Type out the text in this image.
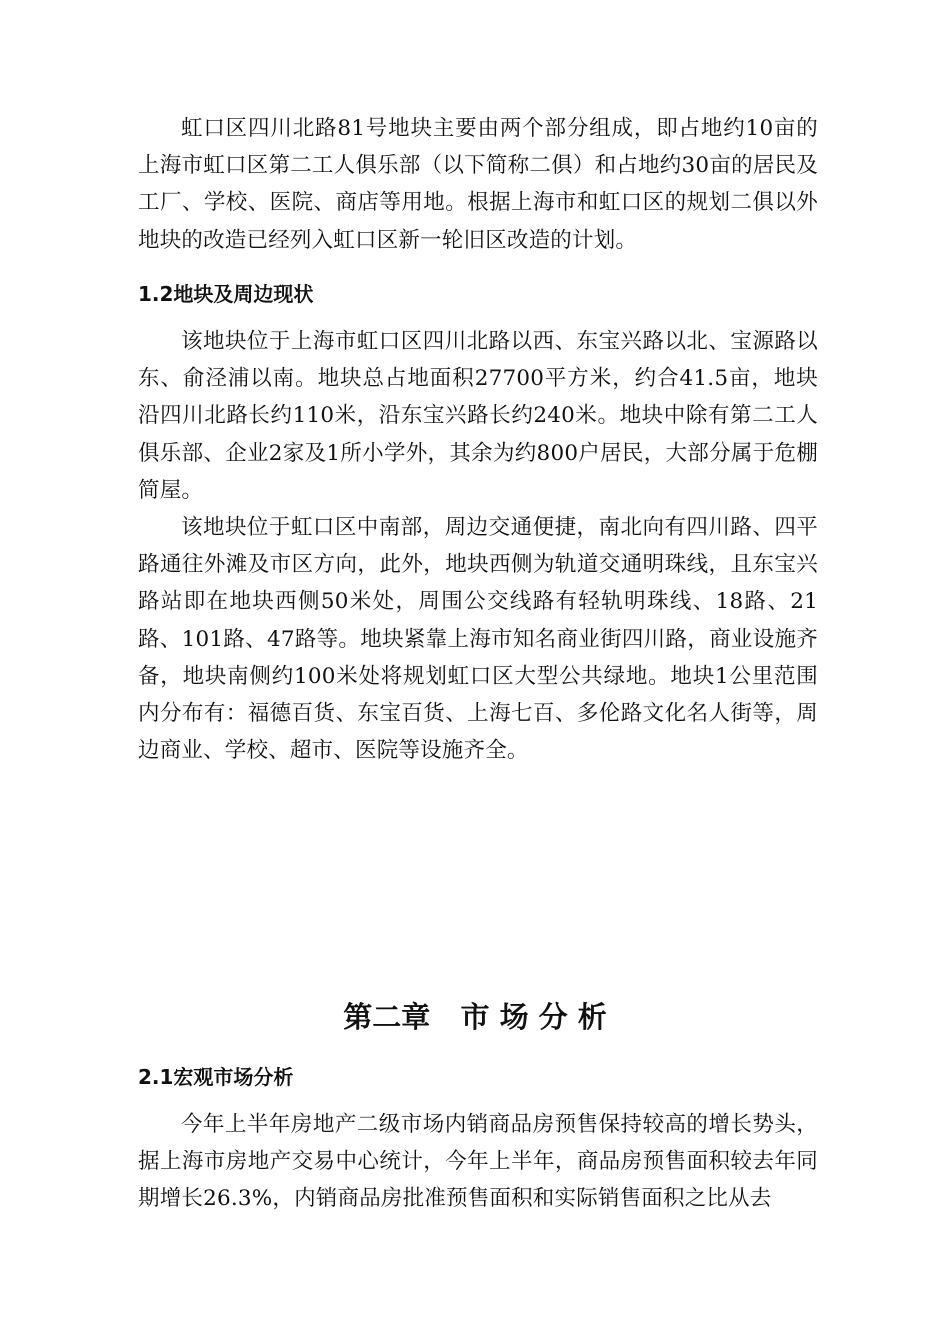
虹口区四川北路81号地块主要由两个部分组成，即占地约10亩的上海市虹口区第二工人俱乐部（以下简称二俱）和占地约30亩的居民及工厂、学校、医院、商店等用地。根据上海市和虹口区的规划二俱以外地块的改造已经列入虹口区新一轮旧区改造的计划。

1.2地块及周边现状

该地块位于上海市虹口区四川北路以西、东宝兴路以北、宝源路以东、俞泾浦以南。地块总占地面积27700平方米，约合41.5亩，地块沿四川北路长约110米，沿东宝兴路长约240米。地块中除有第二工人俱乐部、企业2家及1所小学外，其余为约800户居民，大部分属于危棚简屋。

该地块位于虹口区中南部，周边交通便捷，南北向有四川路、四平路通往外滩及市区方向，此外，地块西侧为轨道交通明珠线，且东宝兴路站即在地块西侧50米处，周围公交线路有轻轨明珠线、18路、21路、101路、47路等。地块紧靠上海市知名商业街四川路，商业设施齐备，地块南侧约100米处将规划虹口区大型公共绿地。地块1公里范围内分布有：福德百货、东宝百货、上海七百、多伦路文化名人街等，周边商业、学校、超市、医院等设施齐全。

第二章   市 场 分 析
2.1宏观市场分析

今年上半年房地产二级市场内销商品房预售保持较高的增长势头，据上海市房地产交易中心统计，今年上半年，商品房预售面积较去年同期增长26.3%，内销商品房批准预售面积和实际销售面积之比从去
